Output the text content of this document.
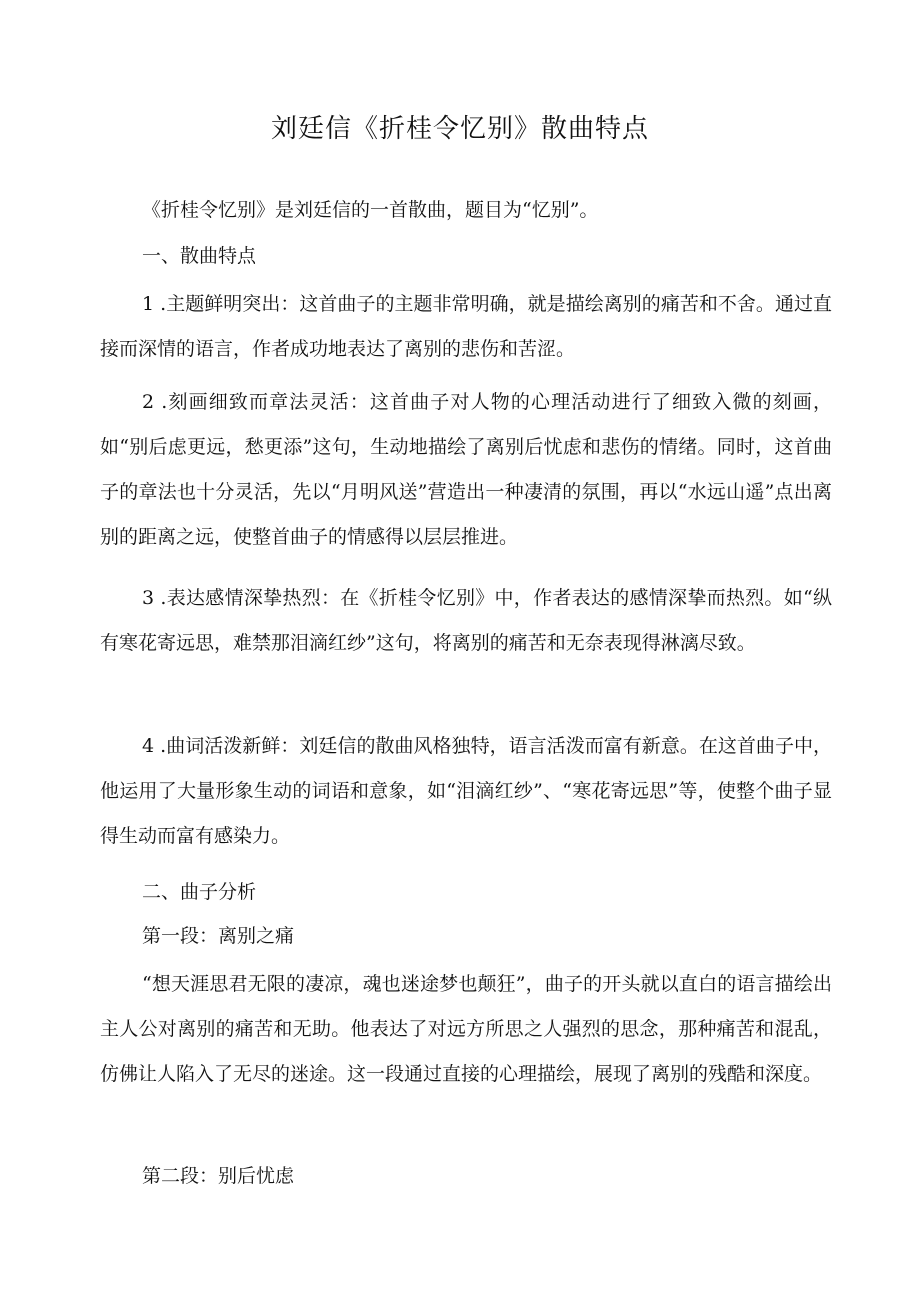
刘廷信《折桂令忆别》散曲特点

《折桂令忆别》是刘廷信的一首散曲，题目为“忆别”。

一、散曲特点

1 .主题鲜明突出：这首曲子的主题非常明确，就是描绘离别的痛苦和不舍。通过直接而深情的语言，作者成功地表达了离别的悲伤和苦涩。

2 .刻画细致而章法灵活：这首曲子对人物的心理活动进行了细致入微的刻画，如“别后虑更远，愁更添”这句，生动地描绘了离别后忧虑和悲伤的情绪。同时，这首曲子的章法也十分灵活，先以“月明风送”营造出一种凄清的氛围，再以“水远山遥”点出离别的距离之远，使整首曲子的情感得以层层推进。

3 .表达感情深挚热烈：在《折桂令忆别》中，作者表达的感情深挚而热烈。如“纵有寒花寄远思，难禁那泪滴红纱”这句，将离别的痛苦和无奈表现得淋漓尽致。

4 .曲词活泼新鲜：刘廷信的散曲风格独特，语言活泼而富有新意。在这首曲子中，他运用了大量形象生动的词语和意象，如“泪滴红纱”、“寒花寄远思”等，使整个曲子显得生动而富有感染力。

二、曲子分析

第一段：离别之痛

“想天涯思君无限的凄凉，魂也迷途梦也颠狂”，曲子的开头就以直白的语言描绘出主人公对离别的痛苦和无助。他表达了对远方所思之人强烈的思念，那种痛苦和混乱，仿佛让人陷入了无尽的迷途。这一段通过直接的心理描绘，展现了离别的残酷和深度。

第二段：别后忧虑
